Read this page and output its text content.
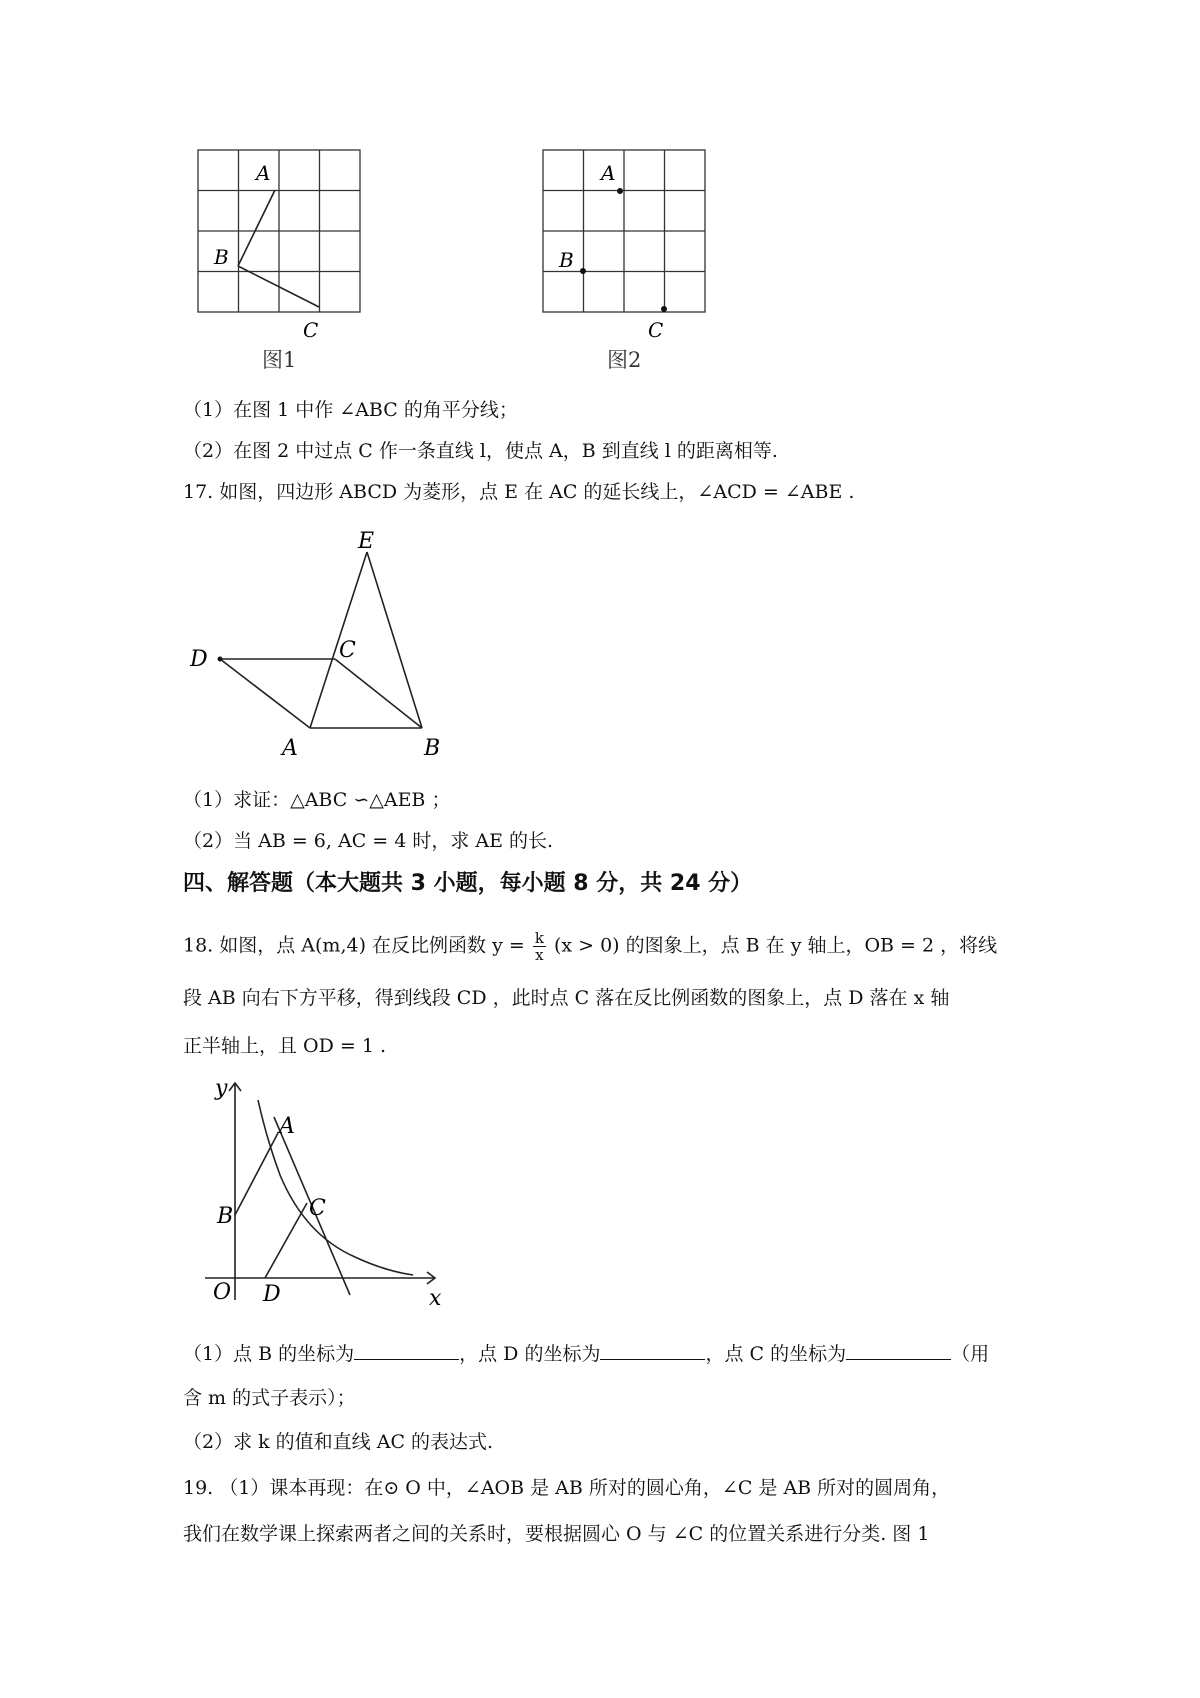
A
B
C
图1
A
B
C
图2
（1）在图 1 中作 ∠ABC 的角平分线；
（2）在图 2 中过点 C 作一条直线 l，使点 A，B 到直线 l 的距离相等.
17. 如图，四边形 ABCD 为菱形，点 E 在 AC 的延长线上，∠ACD = ∠ABE .
D	C
E
A	B
（1）求证：△ABC ∽△AEB ；
（2）当 AB = 6, AC = 4 时，求 AE 的长.
四、解答题（本大题共 3 小题，每小题 8 分，共 24 分）
18. 如图，点 A(m,4) 在反比例函数 $y = \frac{k}{x} (x > 0)$ 的图象上，点 B 在 y 轴上，OB = 2 ，将线
段 AB 向右下方平移，得到线段 CD ，此时点 C 落在反比例函数的图象上，点 D 落在 x 轴
正半轴上，且 OD = 1 .
y
x
O
A
B	C
D
（1）点 B 的坐标为	，点 D 的坐标为	，点 C 的坐标为	（用
含 m 的式子表示）；
（2）求 k 的值和直线 AC 的表达式.
19. （1）课本再现：在⊙ O 中，∠AOB 是 AB 所对的圆心角，∠C 是 AB 所对的圆周角，
我们在数学课上探索两者之间的关系时，要根据圆心 O 与 ∠C 的位置关系进行分类. 图 1
